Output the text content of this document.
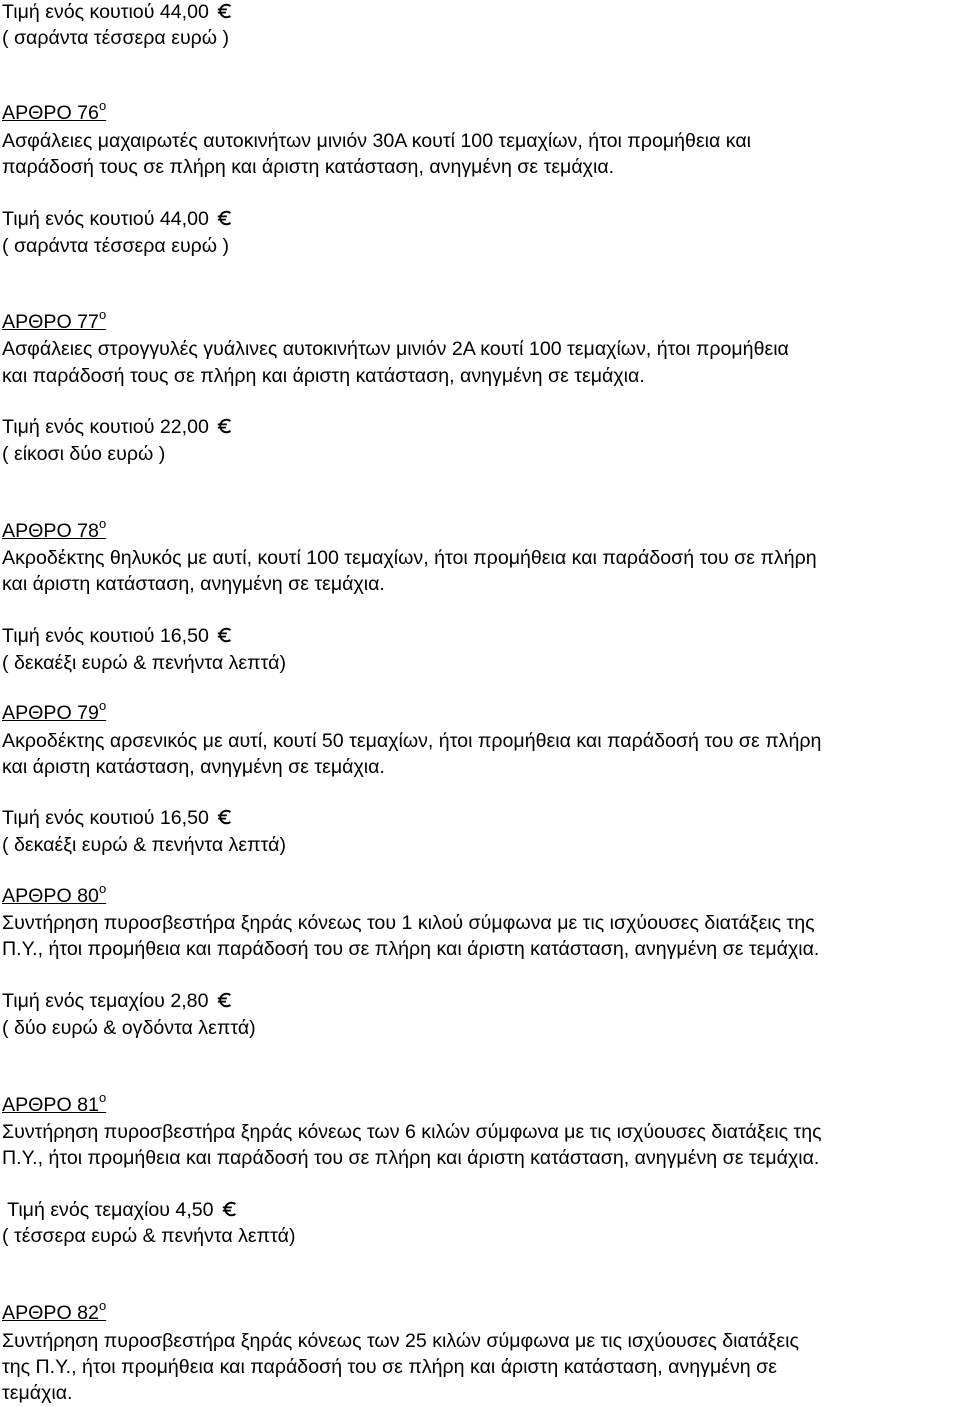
Τιμή ενός κουτιού 44,00
( σαράντα τέσσερα ευρώ )
ΑΡΘΡΟ $76^o$
Ασφάλειες μαχαιρωτές αυτοκινήτων μινιόν 30Α κουτί 100 τεμαχίων, ήτοι προμήθεια και
παράδοσή τους σε πλήρη και άριστη κατάσταση, ανηγμένη σε τεμάχια.
Τιμή ενός κουτιού 44,00
( σαράντα τέσσερα ευρώ )
ΑΡΘΡΟ $77^o$
Ασφάλειες στρογγυλές γυάλινες αυτοκινήτων μινιόν 2Α κουτί 100 τεμαχίων, ήτοι προμήθεια
και παράδοσή τους σε πλήρη και άριστη κατάσταση, ανηγμένη σε τεμάχια.
Τιμή ενός κουτιού 22,00
( είκοσι δύο ευρώ )
ΑΡΘΡΟ $78^o$
Ακροδέκτης θηλυκός με αυτί, κουτί 100 τεμαχίων, ήτοι προμήθεια και παράδοσή του σε πλήρη
και άριστη κατάσταση, ανηγμένη σε τεμάχια.
Τιμή ενός κουτιού 16,50
( δεκαέξι ευρώ & πενήντα λεπτά)
ΑΡΘΡΟ $79^o$
Ακροδέκτης αρσενικός με αυτί, κουτί 50 τεμαχίων, ήτοι προμήθεια και παράδοσή του σε πλήρη
και άριστη κατάσταση, ανηγμένη σε τεμάχια.
Τιμή ενός κουτιού 16,50
( δεκαέξι ευρώ & πενήντα λεπτά)
ΑΡΘΡΟ $80^o$
Συντήρηση πυροσβεστήρα ξηράς κόνεως του 1 κιλού σύμφωνα με τις ισχύουσες διατάξεις της
Π.Υ., ήτοι προμήθεια και παράδοσή του σε πλήρη και άριστη κατάσταση, ανηγμένη σε τεμάχια.
Τιμή ενός τεμαχίου 2,80
( δύο ευρώ & ογδόντα λεπτά)
ΑΡΘΡΟ $81^o$
Συντήρηση πυροσβεστήρα ξηράς κόνεως των 6 κιλών σύμφωνα με τις ισχύουσες διατάξεις της
Π.Υ., ήτοι προμήθεια και παράδοσή του σε πλήρη και άριστη κατάσταση, ανηγμένη σε τεμάχια.
Τιμή ενός τεμαχίου 4,50
( τέσσερα ευρώ & πενήντα λεπτά)
ΑΡΘΡΟ $82^o$
Συντήρηση πυροσβεστήρα ξηράς κόνεως των 25 κιλών σύμφωνα με τις ισχύουσες διατάξεις
της Π.Υ., ήτοι προμήθεια και παράδοσή του σε πλήρη και άριστη κατάσταση, ανηγμένη σε
τεμάχια.
